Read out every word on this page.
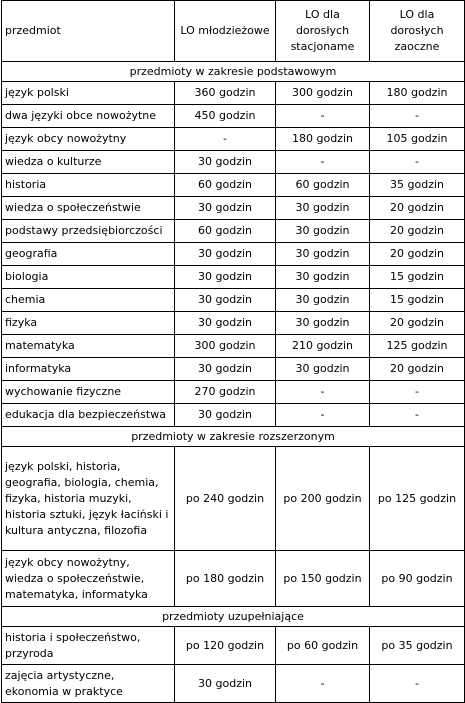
przedmiot	LO młodzieżowe	LO dla dorosłych stacjoname	LO dla dorosłych zaoczne
przedmioty w zakresie podstawowym			
język polski	360 godzin	300 godzin	180 godzin
dwa języki obce nowożytne	450 godzin	-	-
język obcy nowożytny	-	180 godzin	105 godzin
wiedza o kulturze	30 godzin	-	-
historia	60 godzin	60 godzin	35 godzin
wiedza o społeczeństwie	30 godzin	30 godzin	20 godzin
podstawy przedsiębiorczości	60 godzin	30 godzin	20 godzin
geografia	30 godzin	30 godzin	20 godzin
biologia	30 godzin	30 godzin	15 godzin
chemia	30 godzin	30 godzin	15 godzin
fizyka	30 godzin	30 godzin	20 godzin
matematyka	300 godzin	210 godzin	125 godzin
informatyka	30 godzin	30 godzin	20 godzin
wychowanie fizyczne	270 godzin	-	-
edukacja dla bezpieczeństwa	30 godzin	-	-
przedmioty w zakresie rozszerzonym			
język polski, historia, geografia, biologia, chemia, fizyka, historia muzyki, historia sztuki, język łaciński i kultura antyczna, filozofia	po 240 godzin	po 200 godzin	po 125 godzin
język obcy nowożytny, wiedza o społeczeństwie, matematyka, informatyka	po 180 godzin	po 150 godzin	po 90 godzin
przedmioty uzupełniające			
historia i społeczeństwo, przyroda	po 120 godzin	po 60 godzin	po 35 godzin
zajęcia artystyczne, ekonomia w praktyce	30 godzin	-	-
